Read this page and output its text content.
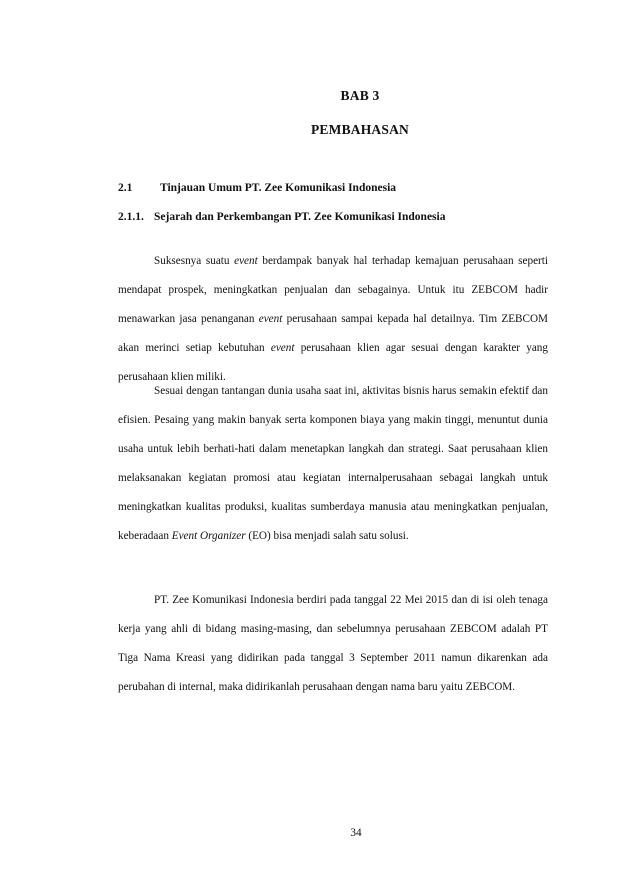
BAB 3
PEMBAHASAN
2.1 Tinjauan Umum PT. Zee Komunikasi Indonesia
2.1.1. Sejarah dan Perkembangan PT. Zee Komunikasi Indonesia

Suksesnya suatu event berdampak banyak hal terhadap kemajuan perusahaan seperti mendapat prospek, meningkatkan penjualan dan sebagainya. Untuk itu ZEBCOM hadir menawarkan jasa penanganan event perusahaan sampai kepada hal detailnya. Tim ZEBCOM akan merinci setiap kebutuhan event perusahaan klien agar sesuai dengan karakter yang perusahaan klien miliki.

Sesuai dengan tantangan dunia usaha saat ini, aktivitas bisnis harus semakin efektif dan efisien. Pesaing yang makin banyak serta komponen biaya yang makin tinggi, menuntut dunia usaha untuk lebih berhati-hati dalam menetapkan langkah dan strategi. Saat perusahaan klien melaksanakan kegiatan promosi atau kegiatan internalperusahaan sebagai langkah untuk meningkatkan kualitas produksi, kualitas sumberdaya manusia atau meningkatkan penjualan, keberadaan Event Organizer (EO) bisa menjadi salah satu solusi.

PT. Zee Komunikasi Indonesia berdiri pada tanggal 22 Mei 2015 dan di isi oleh tenaga kerja yang ahli di bidang masing-masing, dan sebelumnya perusahaan ZEBCOM adalah PT Tiga Nama Kreasi yang didirikan pada tanggal 3 September 2011 namun dikarenkan ada perubahan di internal, maka didirikanlah perusahaan dengan nama baru yaitu ZEBCOM.

34
